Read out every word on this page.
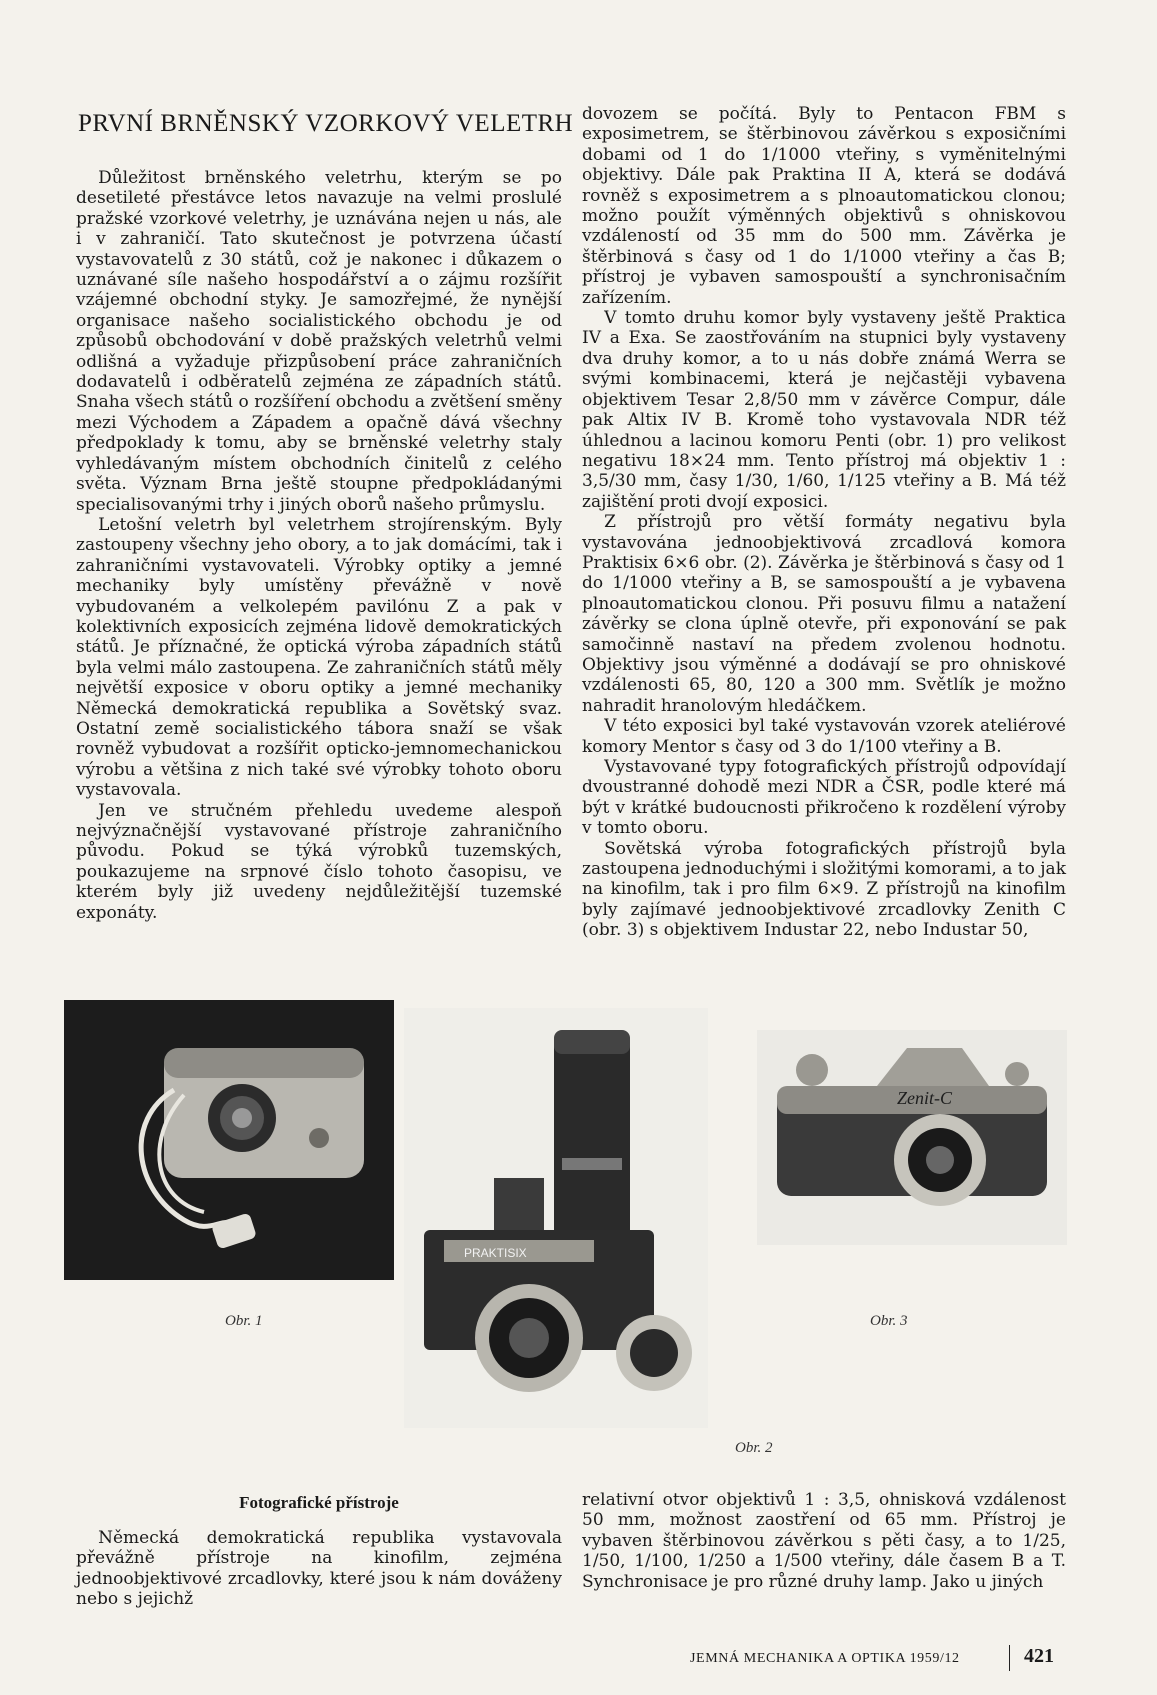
PRVNÍ BRNĚNSKÝ VZORKOVÝ VELETRH

Důležitost brněnského veletrhu, kterým se po desetileté přestávce letos navazuje na velmi proslulé pražské vzorkové veletrhy, je uznávána nejen u nás, ale i v zahraničí. Tato skutečnost je potvrzena účastí vystavovatelů z 30 států, což je nakonec i důkazem o uznávané síle našeho hospodářství a o zájmu rozšířit vzájemné obchodní styky. Je samozřejmé, že nynější organisace našeho socialistického obchodu je od způsobů obchodování v době pražských veletrhů velmi odlišná a vyžaduje přizpůsobení práce zahraničních dodavatelů i odběratelů zejména ze západních států. Snaha všech států o rozšíření obchodu a zvětšení směny mezi Východem a Západem a opačně dává všechny předpoklady k tomu, aby se brněnské veletrhy staly vyhledávaným místem obchodních činitelů z celého světa. Význam Brna ještě stoupne předpokládanými specialisovanými trhy i jiných oborů našeho průmyslu.

Letošní veletrh byl veletrhem strojírenským. Byly zastoupeny všechny jeho obory, a to jak domácími, tak i zahraničními vystavovateli. Výrobky optiky a jemné mechaniky byly umístěny převážně v nově vybudovaném a velkolepém pavilónu Z a pak v kolektivních exposicích zejména lidově demokratických států. Je příznačné, že optická výroba západních států byla velmi málo zastoupena. Ze zahraničních států měly největší exposice v oboru optiky a jemné mechaniky Německá demokratická republika a Sovětský svaz. Ostatní země socialistického tábora snaží se však rovněž vybudovat a rozšířit opticko-jemnomechanickou výrobu a většina z nich také své výrobky tohoto oboru vystavovala.

Jen ve stručném přehledu uvedeme alespoň nejvýznačnější vystavované přístroje zahraničního původu. Pokud se týká výrobků tuzemských, poukazujeme na srpnové číslo tohoto časopisu, ve kterém byly již uvedeny nejdůležitější tuzemské exponáty.

dovozem se počítá. Byly to Pentacon FBM s exposimetrem, se štěrbinovou závěrkou s exposičními dobami od 1 do 1/1000 vteřiny, s vyměnitelnými objektivy. Dále pak Praktina II A, která se dodává rovněž s exposimetrem a s plnoautomatickou clonou; možno použít výměnných objektivů s ohniskovou vzdáleností od 35 mm do 500 mm. Závěrka je štěrbinová s časy od 1 do 1/1000 vteřiny a čas B; přístroj je vybaven samospouští a synchronisačním zařízením.

V tomto druhu komor byly vystaveny ještě Praktica IV a Exa. Se zaostřováním na stupnici byly vystaveny dva druhy komor, a to u nás dobře známá Werra se svými kombinacemi, která je nejčastěji vybavena objektivem Tesar 2,8/50 mm v závěrce Compur, dále pak Altix IV B. Kromě toho vystavovala NDR též úhlednou a lacinou komoru Penti (obr. 1) pro velikost negativu 18×24 mm. Tento přístroj má objektiv 1 : 3,5/30 mm, časy 1/30, 1/60, 1/125 vteřiny a B. Má též zajištění proti dvojí exposici.

Z přístrojů pro větší formáty negativu byla vystavována jednoobjektivová zrcadlová komora Praktisix 6×6 obr. (2). Závěrka je štěrbinová s časy od 1 do 1/1000 vteřiny a B, se samospouští a je vybavena plnoautomatickou clonou. Při posuvu filmu a natažení závěrky se clona úplně otevře, při exponování se pak samočinně nastaví na předem zvolenou hodnotu. Objektivy jsou výměnné a dodávají se pro ohniskové vzdálenosti 65, 80, 120 a 300 mm. Světlík je možno nahradit hranolovým hledáčkem.

V této exposici byl také vystavován vzorek ateliérové komory Mentor s časy od 3 do 1/100 vteřiny a B.

Vystavované typy fotografických přístrojů odpovídají dvoustranné dohodě mezi NDR a ČSR, podle které má být v krátké budoucnosti přikročeno k rozdělení výroby v tomto oboru.

Sovětská výroba fotografických přístrojů byla zastoupena jednoduchými i složitými komorami, a to jak na kinofilm, tak i pro film 6×9. Z přístrojů na kinofilm byly zajímavé jednoobjektivové zrcadlovky Zenith C (obr. 3) s objektivem Industar 22, nebo Industar 50,

Obr. 1
PRAKTISIX
Obr. 2
Zenit-C
Obr. 3
Fotografické přístroje

Německá demokratická republika vystavovala převážně přístroje na kinofilm, zejména jednoobjektivové zrcadlovky, které jsou k nám dováženy nebo s jejichž

relativní otvor objektivů 1 : 3,5, ohnisková vzdálenost 50 mm, možnost zaostření od 65 mm. Přístroj je vybaven štěrbinovou závěrkou s pěti časy, a to 1/25, 1/50, 1/100, 1/250 a 1/500 vteřiny, dále časem B a T. Synchronisace je pro různé druhy lamp. Jako u jiných

JEMNÁ MECHANIKA A OPTIKA 1959/12	421
